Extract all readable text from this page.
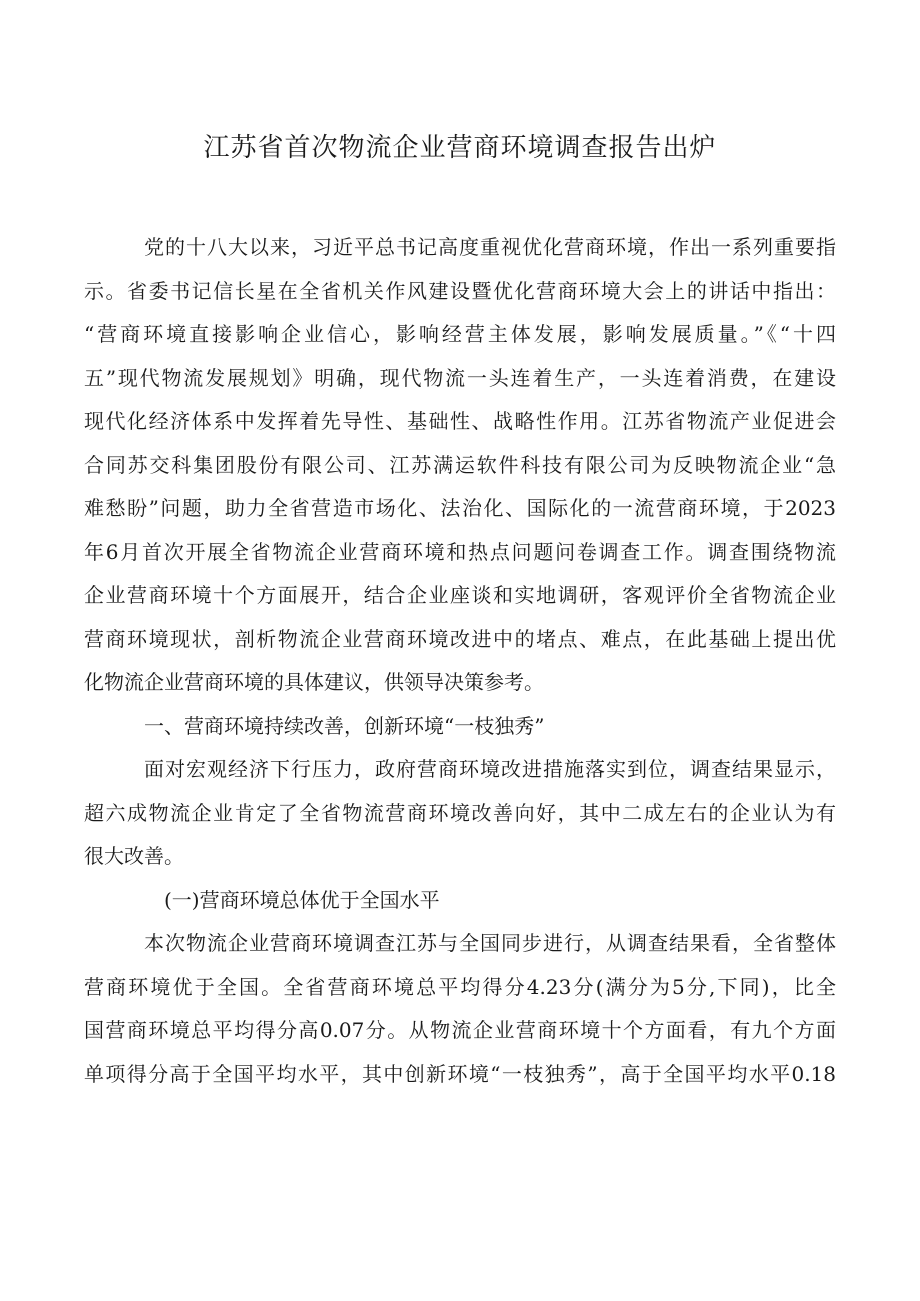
江苏省首次物流企业营商环境调查报告出炉
党的十八大以来，习近平总书记高度重视优化营商环境，作出一系列重要指
示。省委书记信长星在全省机关作风建设暨优化营商环境大会上的讲话中指出：
“营商环境直接影响企业信心，影响经营主体发展，影响发展质量。”《“十四
五”现代物流发展规划》明确，现代物流一头连着生产，一头连着消费，在建设
现代化经济体系中发挥着先导性、基础性、战略性作用。江苏省物流产业促进会
合同苏交科集团股份有限公司、江苏满运软件科技有限公司为反映物流企业“急
难愁盼”问题，助力全省营造市场化、法治化、国际化的一流营商环境，于2023
年6月首次开展全省物流企业营商环境和热点问题问卷调查工作。调查围绕物流
企业营商环境十个方面展开，结合企业座谈和实地调研，客观评价全省物流企业
营商环境现状，剖析物流企业营商环境改进中的堵点、难点，在此基础上提出优
化物流企业营商环境的具体建议，供领导决策参考。
一、营商环境持续改善，创新环境“一枝独秀”
面对宏观经济下行压力，政府营商环境改进措施落实到位，调查结果显示，
超六成物流企业肯定了全省物流营商环境改善向好，其中二成左右的企业认为有
很大改善。
(一)营商环境总体优于全国水平
本次物流企业营商环境调查江苏与全国同步进行，从调查结果看，全省整体
营商环境优于全国。全省营商环境总平均得分4.23分(满分为5分,下同)，比全
国营商环境总平均得分高0.07分。从物流企业营商环境十个方面看，有九个方面
单项得分高于全国平均水平，其中创新环境“一枝独秀”，高于全国平均水平0.18
